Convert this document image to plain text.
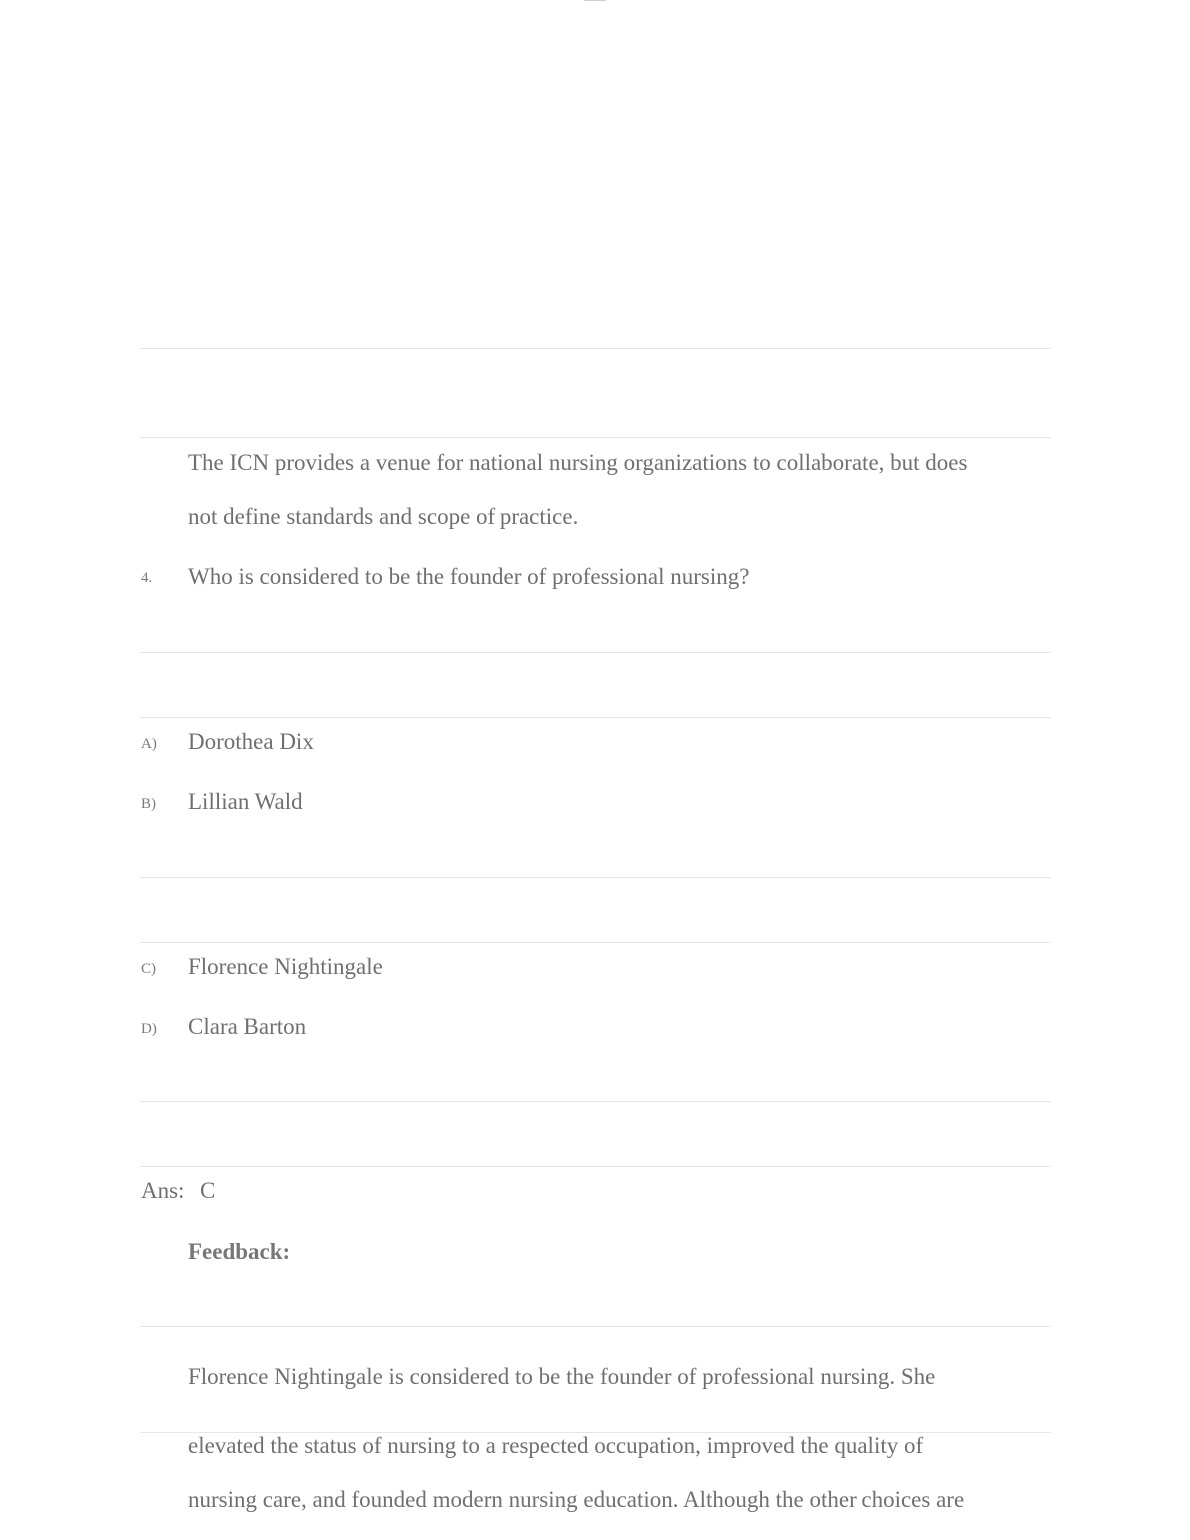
The ICN provides a venue for national nursing organizations to collaborate, but does
not define standards and scope of practice.
4. Who is considered to be the founder of professional nursing?
A) Dorothea Dix
B) Lillian Wald
C) Florence Nightingale
D) Clara Barton
Ans: C
Feedback:
Florence Nightingale is considered to be the founder of professional nursing. She
elevated the status of nursing to a respected occupation, improved the quality of
nursing care, and founded modern nursing education. Although the other choices are
